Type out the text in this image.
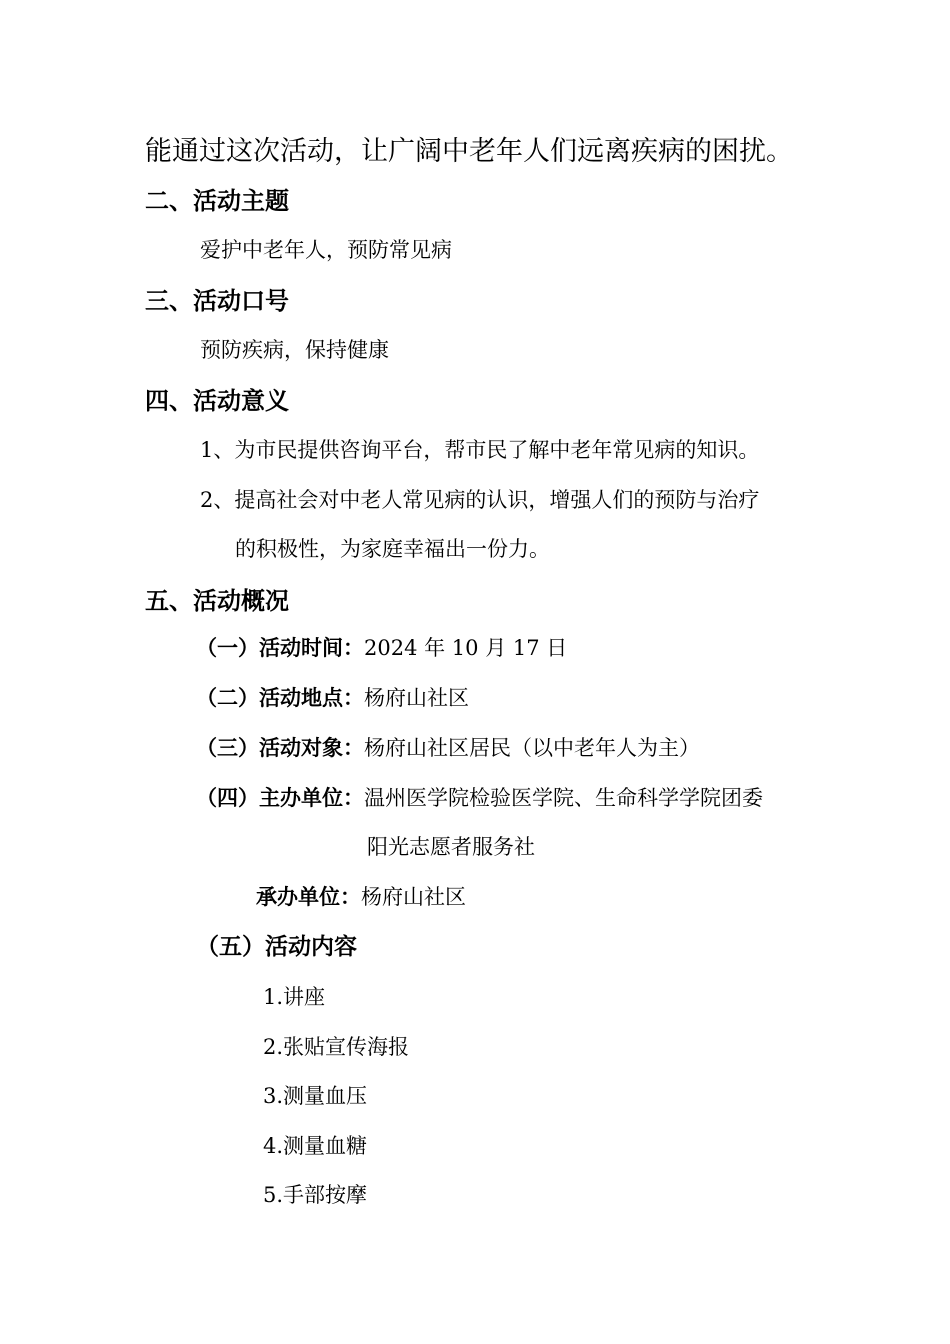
能通过这次活动，让广阔中老年人们远离疾病的困扰。
二、活动主题
爱护中老年人，预防常见病
三、活动口号
预防疾病，保持健康
四、活动意义
1、为市民提供咨询平台，帮市民了解中老年常见病的知识。
2、提高社会对中老人常见病的认识，增强人们的预防与治疗
的积极性，为家庭幸福出一份力。
五、活动概况
（一）活动时间：2024 年 10 月 17 日
（二）活动地点：杨府山社区
（三）活动对象：杨府山社区居民（以中老年人为主）
（四）主办单位：温州医学院检验医学院、生命科学学院团委
阳光志愿者服务社
承办单位：杨府山社区
（五）活动内容
1.讲座
2.张贴宣传海报
3.测量血压
4.测量血糖
5.手部按摩
